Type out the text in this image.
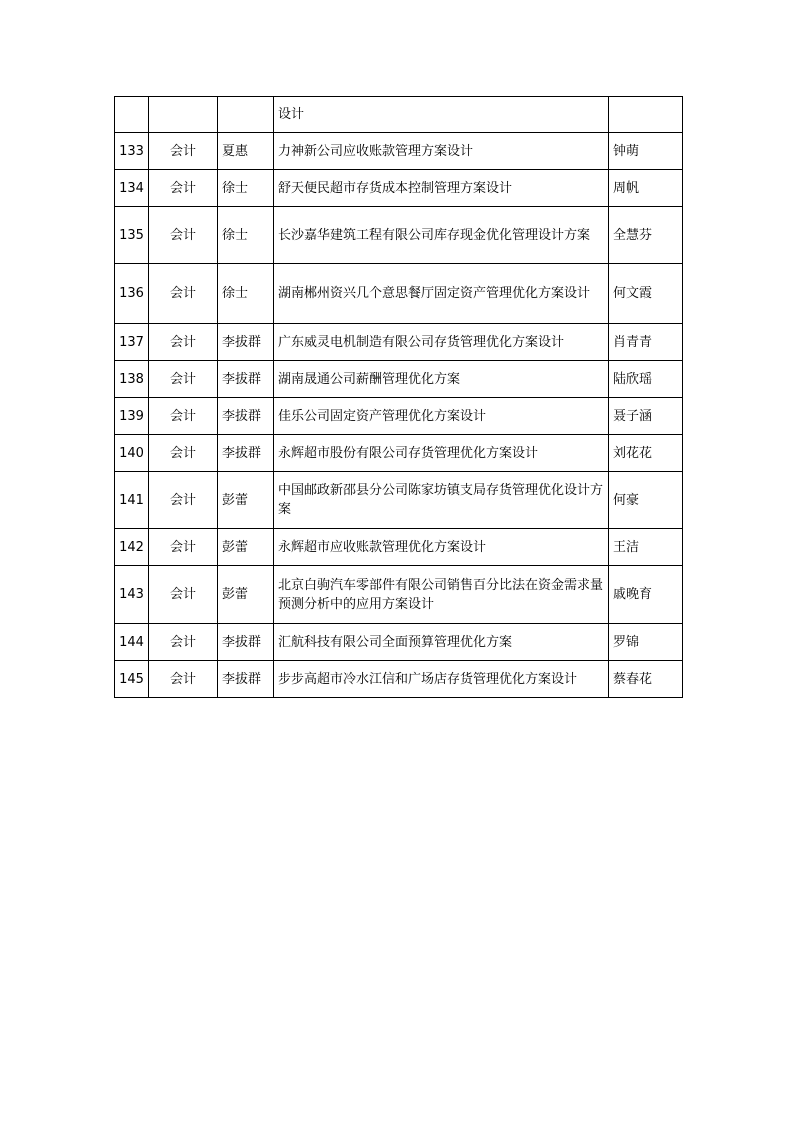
			设计	
133	会计	夏惠	力神新公司应收账款管理方案设计	钟萌
134	会计	徐士	舒天便民超市存货成本控制管理方案设计	周帆
135	会计	徐士	长沙嘉华建筑工程有限公司库存现金优化管理设计方案	全慧芬
136	会计	徐士	湖南郴州资兴几个意思餐厅固定资产管理优化方案设计	何文霞
137	会计	李拔群	广东威灵电机制造有限公司存货管理优化方案设计	肖青青
138	会计	李拔群	湖南晟通公司薪酬管理优化方案	陆欣瑶
139	会计	李拔群	佳乐公司固定资产管理优化方案设计	聂子涵
140	会计	李拔群	永辉超市股份有限公司存货管理优化方案设计	刘花花
141	会计	彭蕾	中国邮政新邵县分公司陈家坊镇支局存货管理优化设计方案	何豪
142	会计	彭蕾	永辉超市应收账款管理优化方案设计	王洁
143	会计	彭蕾	北京白驹汽车零部件有限公司销售百分比法在资金需求量预测分析中的应用方案设计	戚晚育
144	会计	李拔群	汇航科技有限公司全面预算管理优化方案	罗锦
145	会计	李拔群	步步高超市冷水江信和广场店存货管理优化方案设计	蔡春花
